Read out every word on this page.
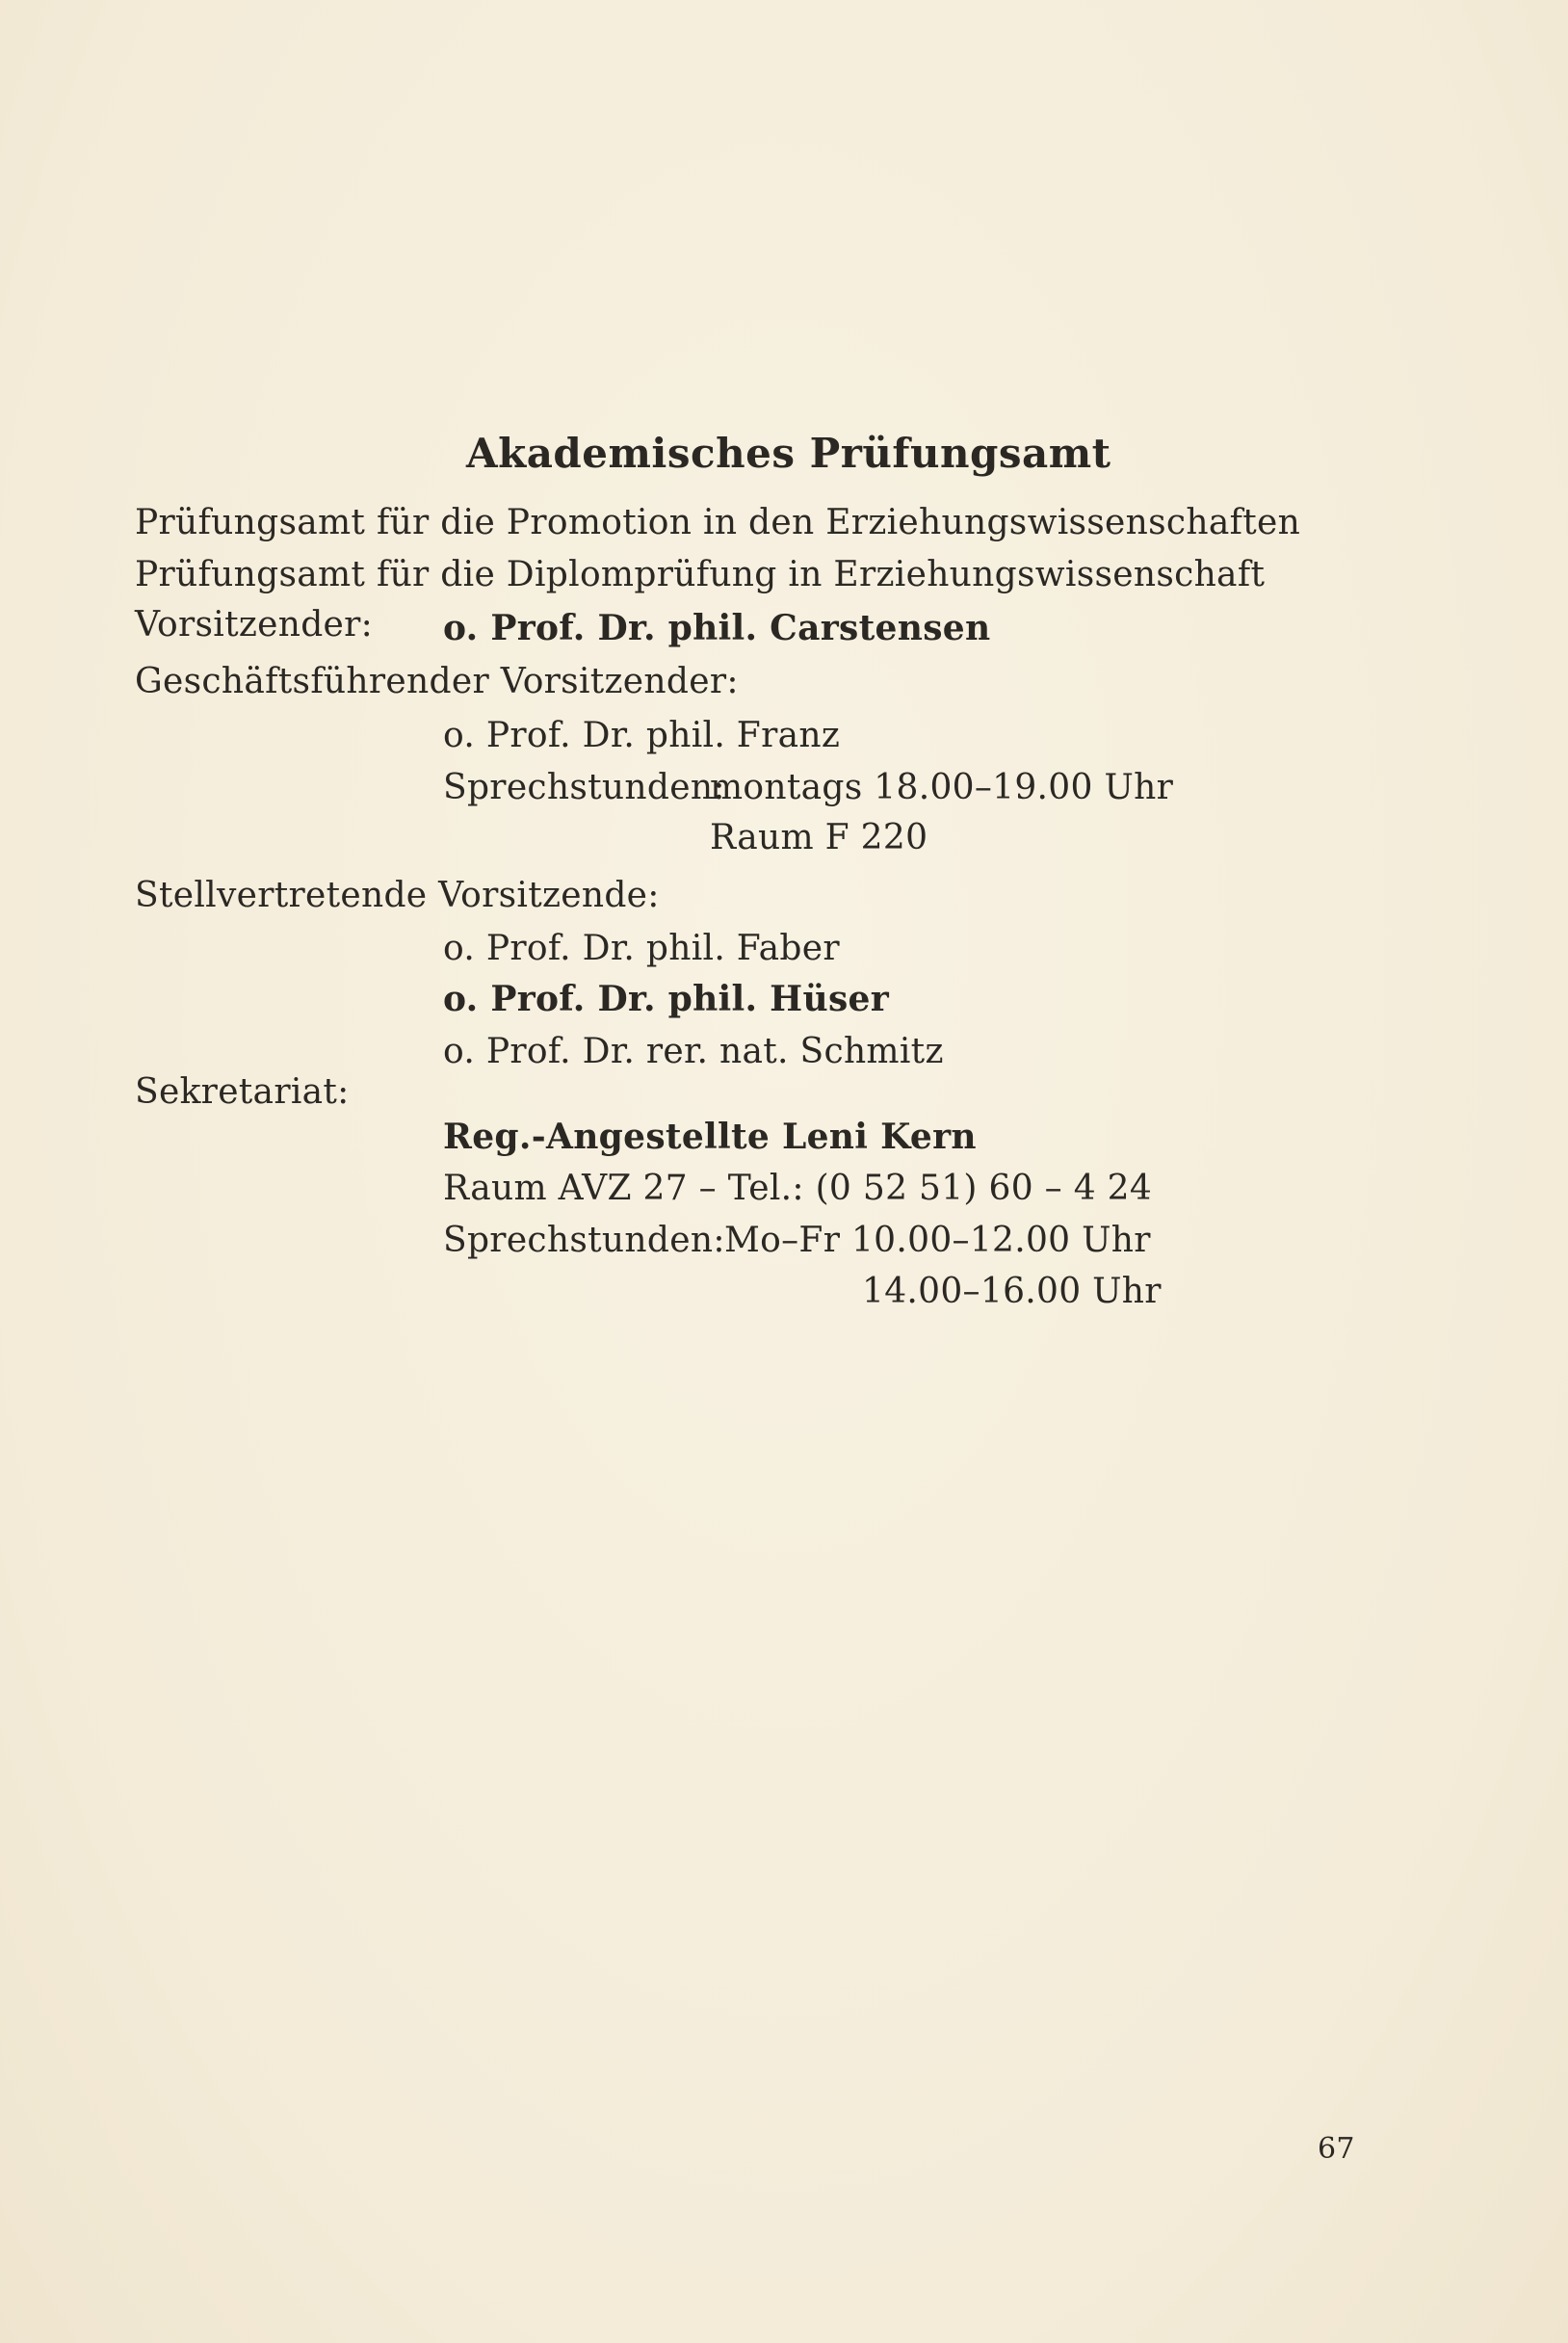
Akademisches Prüfungsamt
Prüfungsamt für die Promotion in den Erziehungswissenschaften
Prüfungsamt für die Diplomprüfung in Erziehungswissenschaft
Vorsitzender: o. Prof. Dr. phil. Carstensen
Geschäftsführender Vorsitzender:
o. Prof. Dr. phil. Franz
Sprechstunden:
montags 18.00–19.00 Uhr
Raum F 220
Stellvertretende Vorsitzende:
o. Prof. Dr. phil. Faber
o. Prof. Dr. phil. Hüser
o. Prof. Dr. rer. nat. Schmitz
Sekretariat:
Reg.-Angestellte Leni Kern
Raum AVZ 27 – Tel.: (0 52 51) 60 – 4 24
Sprechstunden: Mo–Fr 10.00–12.00 Uhr
14.00–16.00 Uhr
67
